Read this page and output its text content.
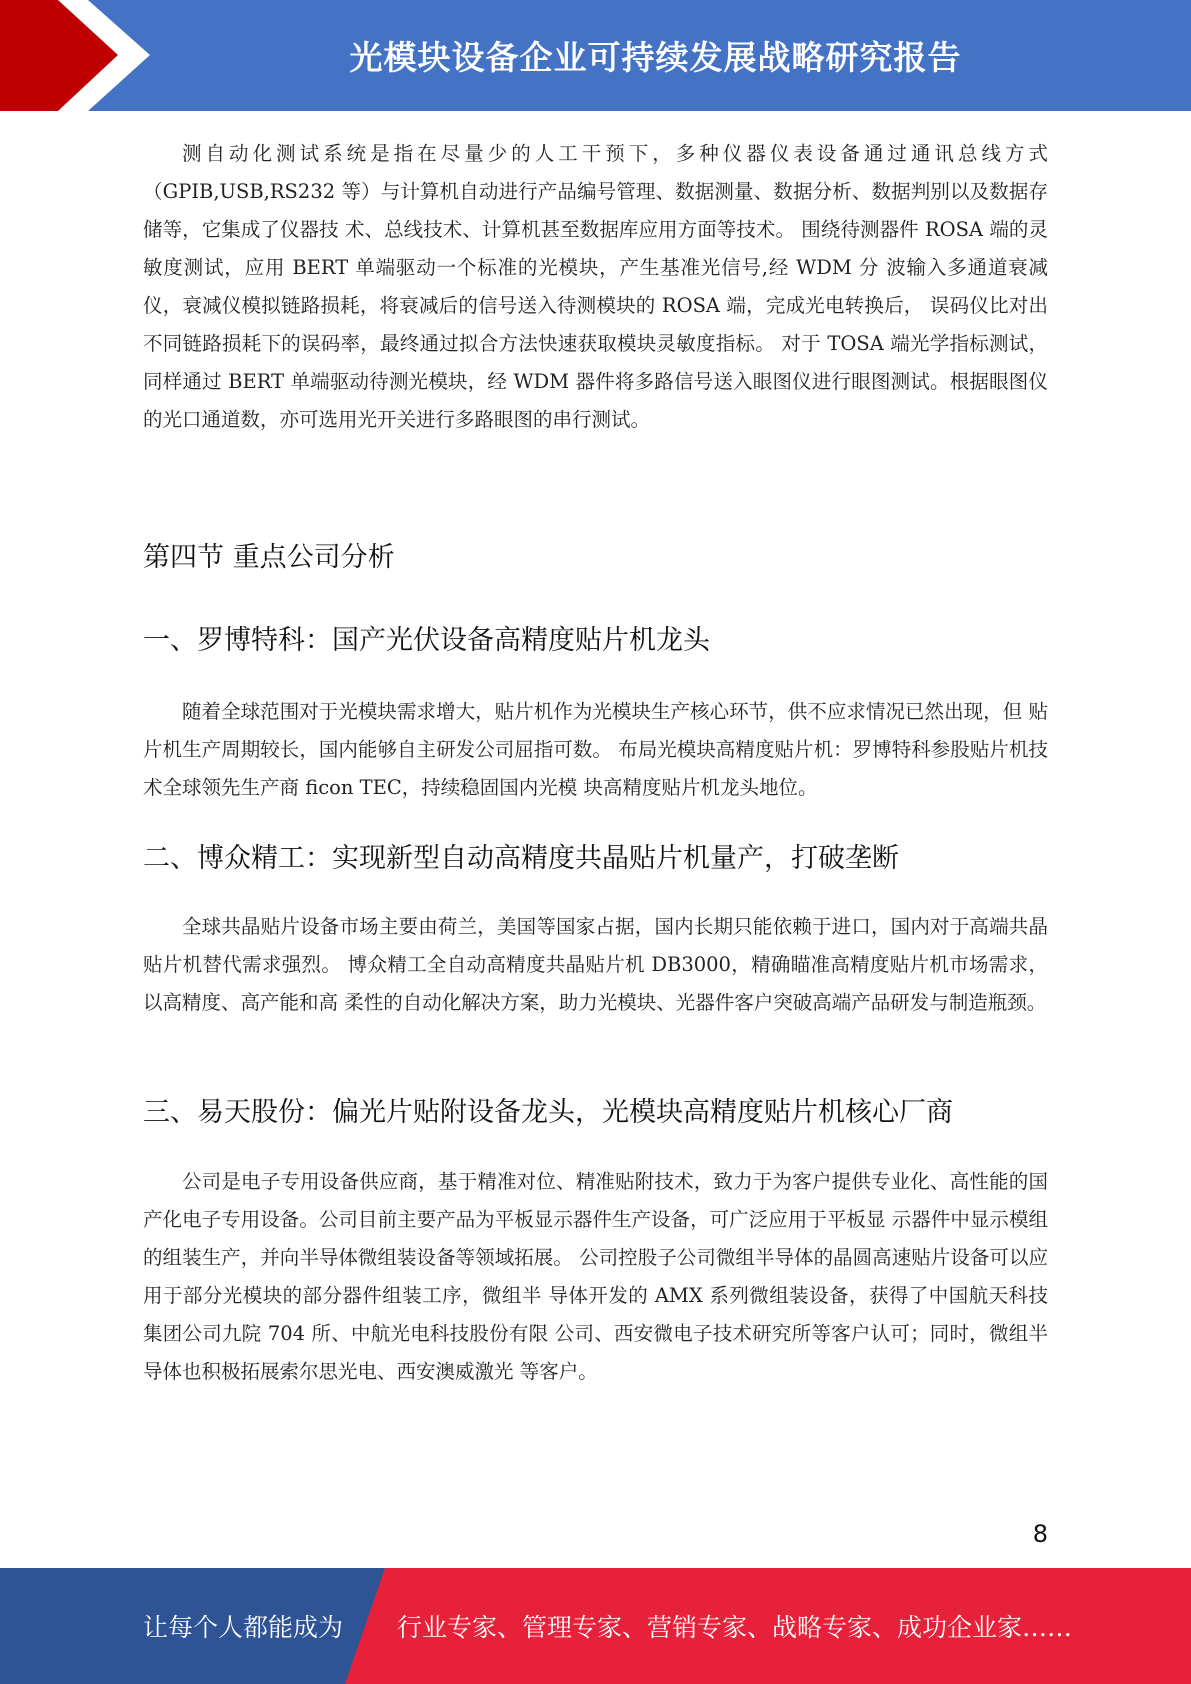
光模块设备企业可持续发展战略研究报告

测自动化测试系统是指在尽量少的人工干预下，多种仪器仪表设备通过通讯总线方式（GPIB,USB,RS232 等）与计算机自动进行产品编号管理、数据测量、数据分析、数据判别以及数据存储等，它集成了仪器技 术、总线技术、计算机甚至数据库应用方面等技术。 围绕待测器件 ROSA 端的灵敏度测试，应用 BERT 单端驱动一个标准的光模块，产生基准光信号,经 WDM 分 波输入多通道衰减仪，衰减仪模拟链路损耗，将衰减后的信号送入待测模块的 ROSA 端，完成光电转换后， 误码仪比对出不同链路损耗下的误码率，最终通过拟合方法快速获取模块灵敏度指标。 对于 TOSA 端光学指标测试，同样通过 BERT 单端驱动待测光模块，经 WDM 器件将多路信号送入眼图仪进行眼图测试。根据眼图仪的光口通道数，亦可选用光开关进行多路眼图的串行测试。

第四节 重点公司分析
一、罗博特科：国产光伏设备高精度贴片机龙头

随着全球范围对于光模块需求增大，贴片机作为光模块生产核心环节，供不应求情况已然出现，但 贴片机生产周期较长，国内能够自主研发公司屈指可数。 布局光模块高精度贴片机：罗博特科参股贴片机技术全球领先生产商 ficon TEC，持续稳固国内光模 块高精度贴片机龙头地位。

二、博众精工：实现新型自动高精度共晶贴片机量产，打破垄断

全球共晶贴片设备市场主要由荷兰，美国等国家占据，国内长期只能依赖于进口，国内对于高端共晶 贴片机替代需求强烈。 博众精工全自动高精度共晶贴片机 DB3000，精确瞄准高精度贴片机市场需求，以高精度、高产能和高 柔性的自动化解决方案，助力光模块、光器件客户突破高端产品研发与制造瓶颈。

三、易天股份：偏光片贴附设备龙头，光模块高精度贴片机核心厂商

公司是电子专用设备供应商，基于精准对位、精准贴附技术，致力于为客户提供专业化、高性能的国产化电子专用设备。公司目前主要产品为平板显示器件生产设备，可广泛应用于平板显 示器件中显示模组的组装生产，并向半导体微组装设备等领域拓展。 公司控股子公司微组半导体的晶圆高速贴片设备可以应用于部分光模块的部分器件组装工序，微组半 导体开发的 AMX 系列微组装设备，获得了中国航天科技集团公司九院 704 所、中航光电科技股份有限 公司、西安微电子技术研究所等客户认可；同时，微组半导体也积极拓展索尔思光电、西安澳威激光 等客户。

8
让每个人都能成为 行业专家、管理专家、营销专家、战略专家、成功企业家……
